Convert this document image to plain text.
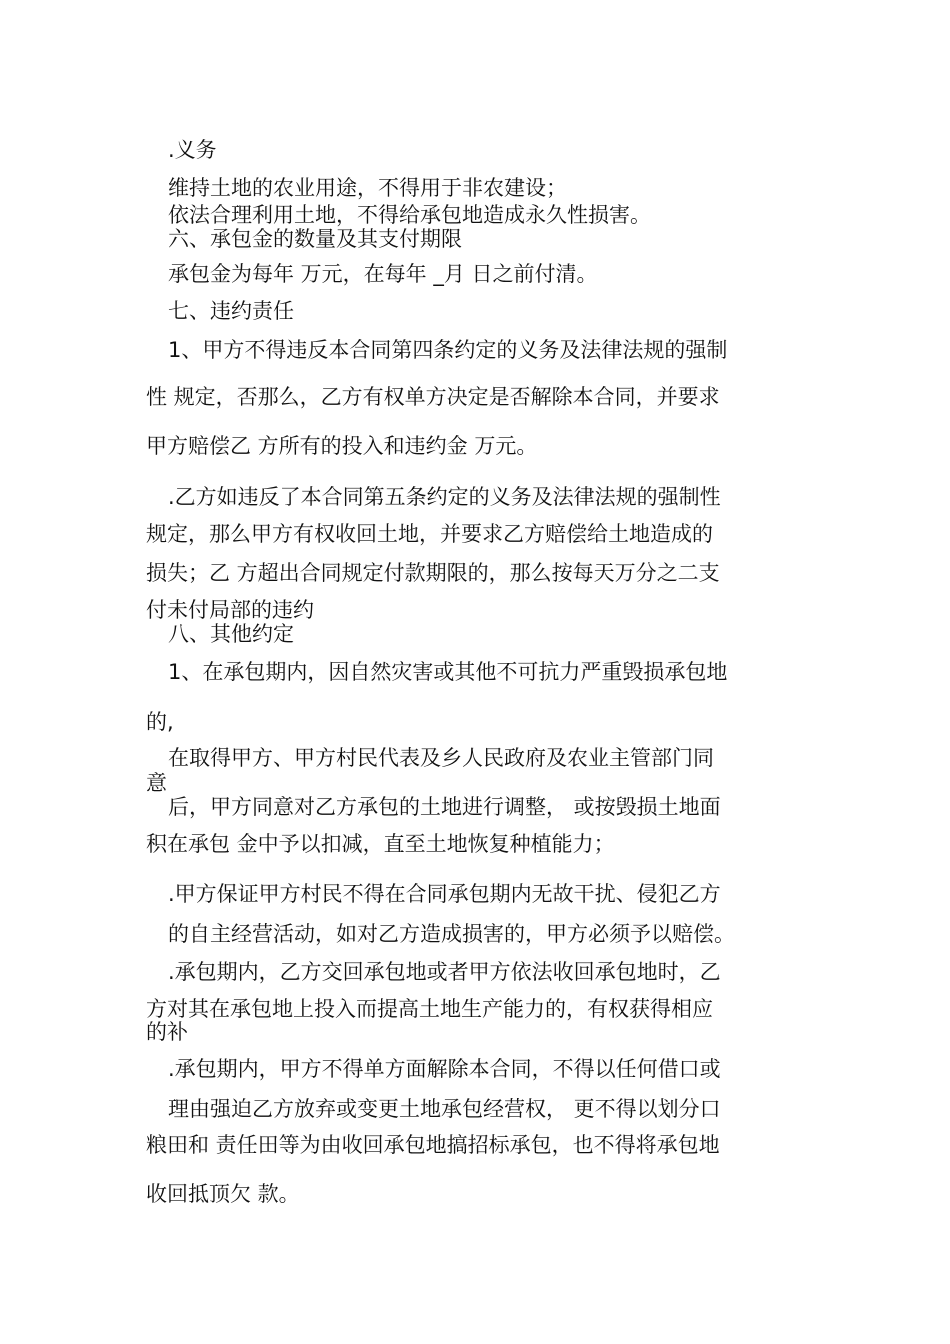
.义务

维持土地的农业用途，不得用于非农建设；

依法合理利用土地，不得给承包地造成永久性损害。

六、承包金的数量及其支付期限

承包金为每年 万元，在每年 _月 日之前付清。

七、违约责任

1、甲方不得违反本合同第四条约定的义务及法律法规的强制

性 规定，否那么，乙方有权单方决定是否解除本合同，并要求

甲方赔偿乙 方所有的投入和违约金 万元。

.乙方如违反了本合同第五条约定的义务及法律法规的强制性

规定，那么甲方有权收回土地，并要求乙方赔偿给土地造成的

损失；乙 方超出合同规定付款期限的，那么按每天万分之二支

付未付局部的违约

八、其他约定

1、在承包期内，因自然灾害或其他不可抗力严重毁损承包地

的,

在取得甲方、甲方村民代表及乡人民政府及农业主管部门同

意

后，甲方同意对乙方承包的土地进行调整， 或按毁损土地面

积在承包 金中予以扣减，直至土地恢复种植能力；

.甲方保证甲方村民不得在合同承包期内无故干扰、侵犯乙方

的自主经营活动，如对乙方造成损害的，甲方必须予以赔偿。

.承包期内，乙方交回承包地或者甲方依法收回承包地时，乙

方对其在承包地上投入而提高土地生产能力的，有权获得相应

的补

.承包期内，甲方不得单方面解除本合同，不得以任何借口或

理由强迫乙方放弃或变更土地承包经营权， 更不得以划分口

粮田和 责任田等为由收回承包地搞招标承包，也不得将承包地

收回抵顶欠 款。
